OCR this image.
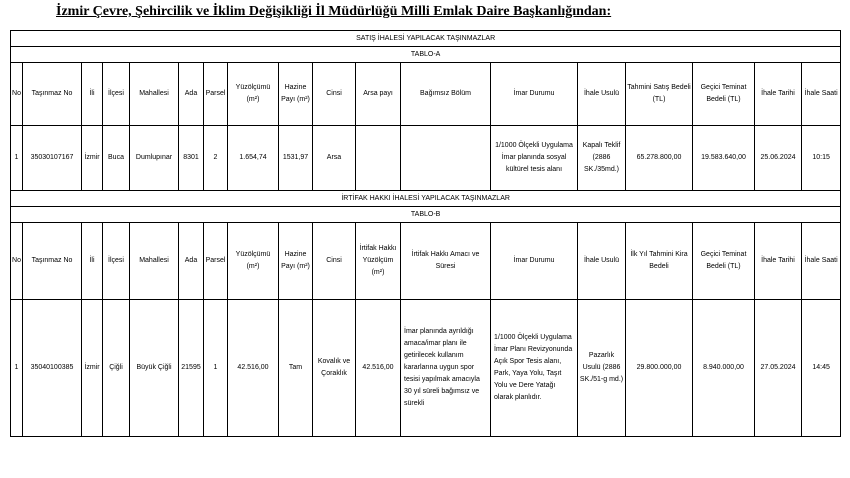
İzmir Çevre, Şehircilik ve İklim Değişikliği İl Müdürlüğü Milli Emlak Daire Başkanlığından:
SATIŞ İHALESİ YAPILACAK TAŞINMAZLAR																	
TABLO-A																	
No	Taşınmaz No	İli	İlçesi	Mahallesi	Ada	Parsel	Yüzölçümü (m²)	Hazine Payı (m²)	Cinsi	Arsa payı	Bağımsız Bölüm	İmar Durumu	İhale Usulü	Tahmini Satış Bedeli (TL)	Geçici Teminat Bedeli (TL)	İhale Tarihi	İhale Saati
1	35030107167	İzmir	Buca	Dumlupınar	8301	2	1.654,74	1531,97	Arsa			1/1000 Ölçekli Uygulama İmar planında sosyal kültürel tesis alanı	Kapalı Teklif (2886 SK./35md.)	65.278.800,00	19.583.640,00	25.06.2024	10:15
İRTİFAK HAKKI İHALESİ YAPILACAK TAŞINMAZLAR																	
TABLO-B																	
No	Taşınmaz No	İli	İlçesi	Mahallesi	Ada	Parsel	Yüzölçümü (m²)	Hazine Payı (m²)	Cinsi	İrtifak Hakkı Yüzölçüm (m²)	İrtifak Hakkı Amacı ve Süresi	İmar Durumu	İhale Usulü	İlk Yıl Tahmini Kira Bedeli	Geçici Teminat Bedeli (TL)	İhale Tarihi	İhale Saati
1	35040100385	İzmir	Çiğli	Büyük Çiğli	21595	1	42.516,00	Tam	Kovalık ve Çoraklık	42.516,00	İmar planında ayrıldığı amaca/imar planı ile getirilecek kullanım kararlarına uygun spor tesisi yapılmak amacıyla 30 yıl süreli bağımsız ve sürekli	1/1000 Ölçekli Uygulama İmar Planı Revizyonunda Açık Spor Tesis alanı, Park, Yaya Yolu, Taşıt Yolu ve Dere Yatağı olarak planlıdır.	Pazarlık Usulü (2886 SK./51-g md.)	29.800.000,00	8.940.000,00	27.05.2024	14:45
